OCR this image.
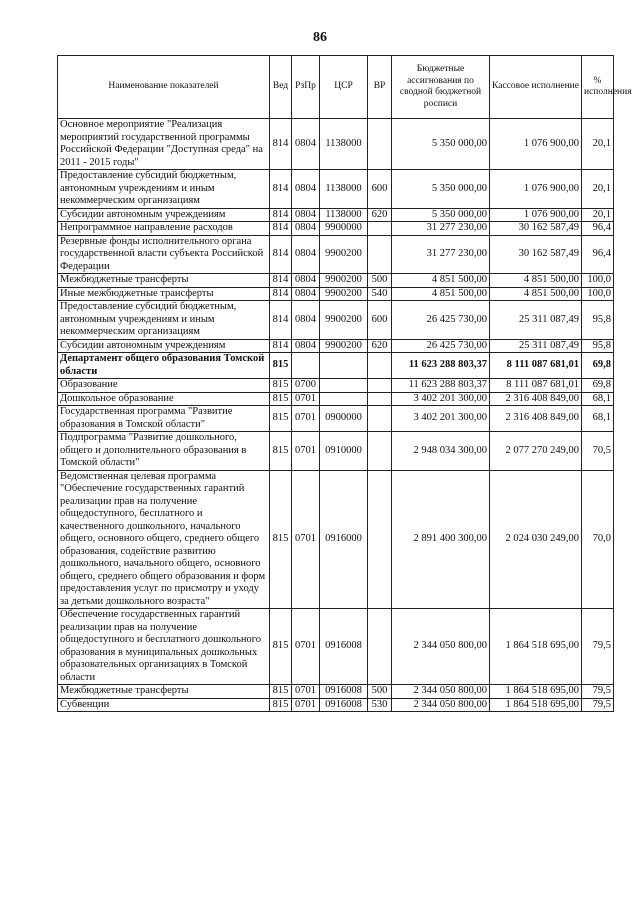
86
Наименование показателей	Вед	РзПр	ЦСР	ВР	Бюджетные ассигнования по сводной бюджетной росписи	Кассовое исполнение	% исполнения
Основное мероприятие "Реализация мероприятий государственной программы Российской Федерации "Доступная среда" на 2011 - 2015 годы"	814	0804	1138000		5 350 000,00	1 076 900,00	20,1
Предоставление субсидий бюджетным, автономным учреждениям и иным некоммерческим организациям	814	0804	1138000	600	5 350 000,00	1 076 900,00	20,1
Субсидии автономным учреждениям	814	0804	1138000	620	5 350 000,00	1 076 900,00	20,1
Непрограммное направление расходов	814	0804	9900000		31 277 230,00	30 162 587,49	96,4
Резервные фонды исполнительного органа государственной власти субъекта Российской Федерации	814	0804	9900200		31 277 230,00	30 162 587,49	96,4
Межбюджетные трансферты	814	0804	9900200	500	4 851 500,00	4 851 500,00	100,0
Иные межбюджетные трансферты	814	0804	9900200	540	4 851 500,00	4 851 500,00	100,0
Предоставление субсидий бюджетным, автономным учреждениям и иным некоммерческим организациям	814	0804	9900200	600	26 425 730,00	25 311 087,49	95,8
Субсидии автономным учреждениям	814	0804	9900200	620	26 425 730,00	25 311 087,49	95,8
Департамент общего образования Томской области	815				11 623 288 803,37	8 111 087 681,01	69,8
Образование	815	0700			11 623 288 803,37	8 111 087 681,01	69,8
Дошкольное образование	815	0701			3 402 201 300,00	2 316 408 849,00	68,1
Государственная программа "Развитие образования в Томской области"	815	0701	0900000		3 402 201 300,00	2 316 408 849,00	68,1
Подпрограмма "Развитие дошкольного, общего и дополнительного образования в Томской области"	815	0701	0910000		2 948 034 300,00	2 077 270 249,00	70,5
Ведомственная целевая программа "Обеспечение государственных гарантий реализации прав на получение общедоступного, бесплатного и качественного дошкольного, начального общего, основного общего, среднего общего образования, содействие развитию дошкольного, начального общего, основного общего, среднего общего образования и форм предоставления услуг по присмотру и уходу за детьми дошкольного возраста"	815	0701	0916000		2 891 400 300,00	2 024 030 249,00	70,0
Обеспечение государственных гарантий реализации прав на получение общедоступного и бесплатного дошкольного образования в муниципальных дошкольных образовательных организациях в Томской области	815	0701	0916008		2 344 050 800,00	1 864 518 695,00	79,5
Межбюджетные трансферты	815	0701	0916008	500	2 344 050 800,00	1 864 518 695,00	79,5
Субвенции	815	0701	0916008	530	2 344 050 800,00	1 864 518 695,00	79,5
